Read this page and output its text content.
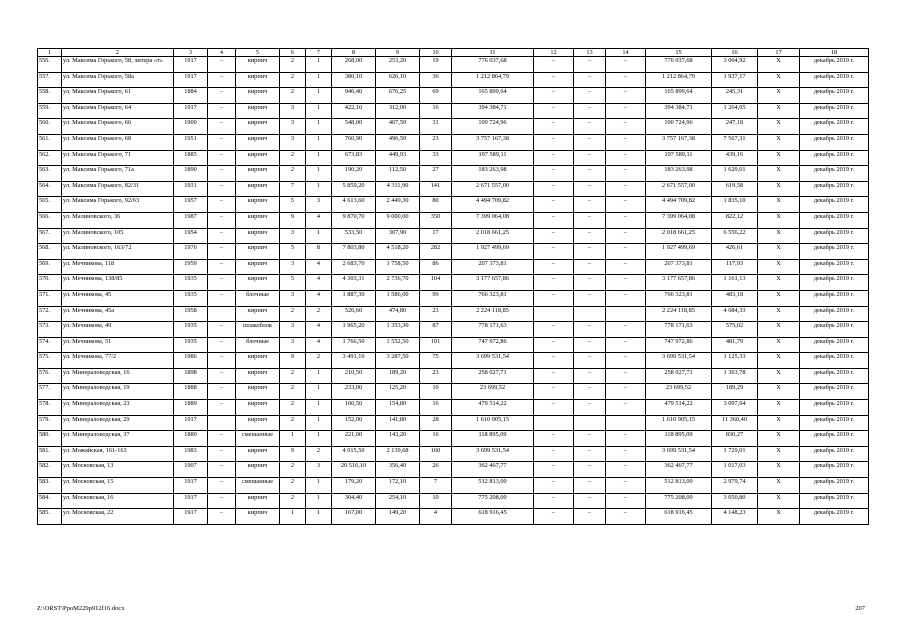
1	2	3	4	5	6	7	8	9	10	11	12	13	14	15	16	17	18
556.	ул. Максима Горького, 58, литера «т»	1917	–	кирпич	2	1	268,00	253,20	19	776 037,68	–	–	–	776 037,68	3 064,92	Х	декабрь 2019 г.
557.	ул. Максима Горького, 58а	1917	–	кирпич	2	1	380,10	626,10	36	1 212 864,79	–	–	–	1 212 864,79	1 937,17	Х	декабрь 2019 г.
558.	ул. Максима Горького, 61	1884	–	кирпич	2	1	946,40	676,25	69	165 899,64	–	–	–	165 899,64	245,31	Х	декабрь 2019 г.
559.	ул. Максима Горького, 64	1917	–	кирпич	3	1	422,10	312,00	16	394 384,71	–	–	–	394 384,71	1 264,05	Х	декабрь 2019 г.
560.	ул. Максима Горького, 66	1900	–	кирпич	3	1	548,00	407,50	31	100 724,96	–	–	–	100 724,96	247,18	Х	декабрь 2019 г.
561.	ул. Максима Горького, 68	1951	–	кирпич	3	1	760,90	496,50	23	3 757 167,38	–	–	–	3 757 167,38	7 567,31	Х	декабрь 2019 г.
562.	ул. Максима Горького, 71	1885	–	кирпич	2	1	673,83	449,93	33	197 589,11	–	–	–	197 589,11	439,16	Х	декабрь 2019 г.
563.	ул. Максима Горького, 71а	1890	–	кирпич	2	1	190,20	112,50	27	183 263,98	–	–	–	183 263,98	1 629,01	Х	декабрь 2019 г.
564.	ул. Максима Горького, 82/31	1931	–	кирпич	7	1	5 859,20	4 311,90	141	2 671 557,00	–	–	–	2 671 557,00	619,58	Х	декабрь 2019 г.
565.	ул. Максима Горького, 92/63	1957	–	кирпич	5	3	4 613,60	2 449,30	80	4 494 709,82	–	–	–	4 494 709,82	1 835,10	Х	декабрь 2019 г.
566.	ул. Малиновского, 36	1987	–	кирпич	9	4	9 870,70	9 000,00	350	7 399 064,08	–	–	–	7 399 064,08	822,12	Х	декабрь 2019 г.
567.	ул. Малиновского, 105	1954	–	кирпич	3	1	533,50	307,90	17	2 018 661,25	–	–	–	2 018 661,25	6 556,22	Х	декабрь 2019 г.
568.	ул. Малиновского, 163/72	1976	–	кирпич	5	8	7 803,80	4 518,20	282	1 927 499,69	–	–	–	1 927 499,69	426,61	Х	декабрь 2019 г.
569.	ул. Мечникова, 118	1959	–	кирпич	3	4	2 683,70	1 758,50	86	207 373,81	–	–	–	207 373,81	117,93	Х	декабрь 2019 г.
570.	ул. Мечникова, 138/85	1935	–	кирпич	5	4	4 303,31	2 736,70	104	3 177 657,86	–	–	–	3 177 657,86	1 161,13	Х	декабрь 2019 г.
571.	ул. Мечникова, 45	1935	–	блочные	3	4	1 887,30	1 586,00	99	766 323,81	–	–	–	766 323,81	483,18	Х	декабрь 2019 г.
572.	ул. Мечникова, 45а	1958		кирпич	2	2	526,60	474,80	23	2 224 118,85				2 224 118,85	4 684,33	Х	декабрь 2019 г.
573.	ул. Мечникова, 49	1935	–	шлакоблок	3	4	1 965,20	1 353,30	87	778 171,63	–	–	–	778 171,63	575,02	Х	декабрь 2019 г.
574.	ул. Мечникова, 51	1935	–	блочные	3	4	1 766,50	1 552,50	101	747 972,86	–	–	–	747 972,86	481,79	Х	декабрь 2019 г.
575.	ул. Мечникова, 77/2	1986	–	кирпич	9	2	3 491,10	3 287,50	75	3 699 531,54	–	–	–	3 699 531,54	1 125,33	Х	декабрь 2019 г.
576.	ул. Минераловодская, 16	1898	–	кирпич	2	1	210,50	189,20	23	258 027,71	–	–	–	258 027,71	1 363,78	Х	декабрь 2019 г.
577.	ул. Минераловодская, 19	1888	–	кирпич	2	1	233,00	125,20	10	23 699,52	–	–	–	23 699,52	189,29	Х	декабрь 2019 г.
578.	ул. Минераловодская, 23	1889	–	кирпич	2	1	160,50	154,80	16	479 514,22	–	–	–	479 514,22	3 097,64	Х	декабрь 2019 г.
579.	ул. Минераловодская, 29	1917		кирпич	2	1	152,00	141,80	28	1 610 905,15				1 610 905,15	11 360,40	Х	декабрь 2019 г.
580.	ул. Минераловодская, 37	1880	–	смешанные	1	1	221,00	143,20	16	118 895,09	–	–	–	118 895,09	830,27	Х	декабрь 2019 г.
581.	ул. Можайская, 161-163	1983	–	кирпич	9	2	4 015,50	2 139,68	160	3 699 531,54	–	–	–	3 699 531,54	1 729,01	Х	декабрь 2019 г.
582.	ул. Московская, 13	1907	–	кирпич	2	3	20 516,10	356,40	26	362 467,77	–	–	–	362 467,77	1 017,03	Х	декабрь 2019 г.
583.	ул. Московская, 15	1917	–	смешанные	2	1	179,20	172,10	7	512 813,00	–	–	–	512 813,00	2 979,74	Х	декабрь 2019 г.
584.	ул. Московская, 16	1917	–	кирпич	2	1	304,40	254,10	10	775 208,00	–	–	–	775 208,00	3 050,80	Х	декабрь 2019 г.
585.	ул. Московская, 22	1917	–	кирпич	1	1	167,00	149,20	4	618 916,45	–	–	–	618 916,45	4 148,23	Х	декабрь 2019 г.
Z:\ORST\PpoM229p912f16.docx	207
